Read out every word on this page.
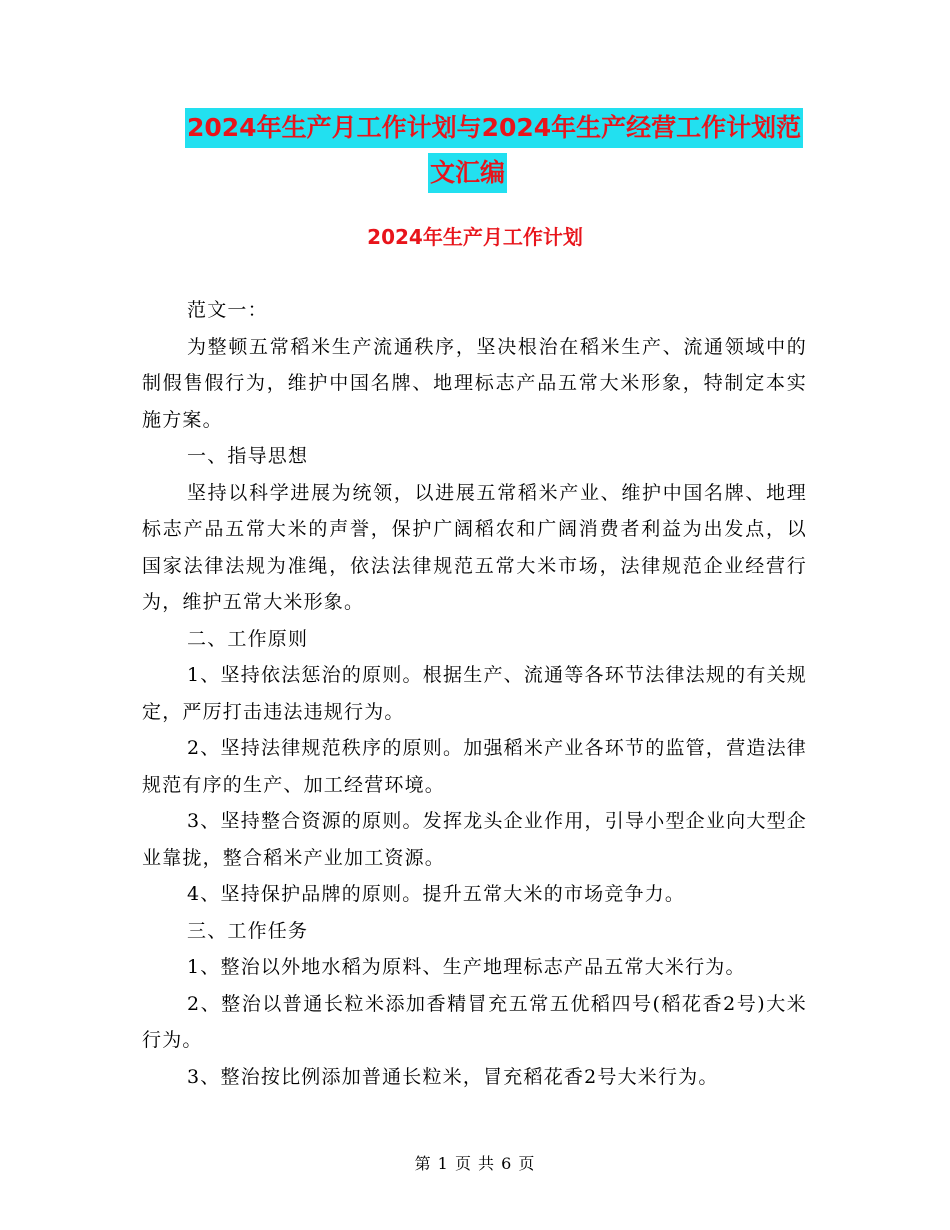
2024年生产月工作计划与2024年生产经营工作计划范
文汇编
2024年生产月工作计划

范文一：

为整顿五常稻米生产流通秩序，坚决根治在稻米生产、流通领域中的制假售假行为，维护中国名牌、地理标志产品五常大米形象，特制定本实施方案。

一、指导思想

坚持以科学进展为统领，以进展五常稻米产业、维护中国名牌、地理标志产品五常大米的声誉，保护广阔稻农和广阔消费者利益为出发点，以国家法律法规为准绳，依法法律规范五常大米市场，法律规范企业经营行为，维护五常大米形象。

二、工作原则

1、坚持依法惩治的原则。根据生产、流通等各环节法律法规的有关规定，严厉打击违法违规行为。

2、坚持法律规范秩序的原则。加强稻米产业各环节的监管，营造法律规范有序的生产、加工经营环境。

3、坚持整合资源的原则。发挥龙头企业作用，引导小型企业向大型企业靠拢，整合稻米产业加工资源。

4、坚持保护品牌的原则。提升五常大米的市场竞争力。

三、工作任务

1、整治以外地水稻为原料、生产地理标志产品五常大米行为。

2、整治以普通长粒米添加香精冒充五常五优稻四号(稻花香2号)大米行为。

3、整治按比例添加普通长粒米，冒充稻花香2号大米行为。

第 1 页 共 6 页
